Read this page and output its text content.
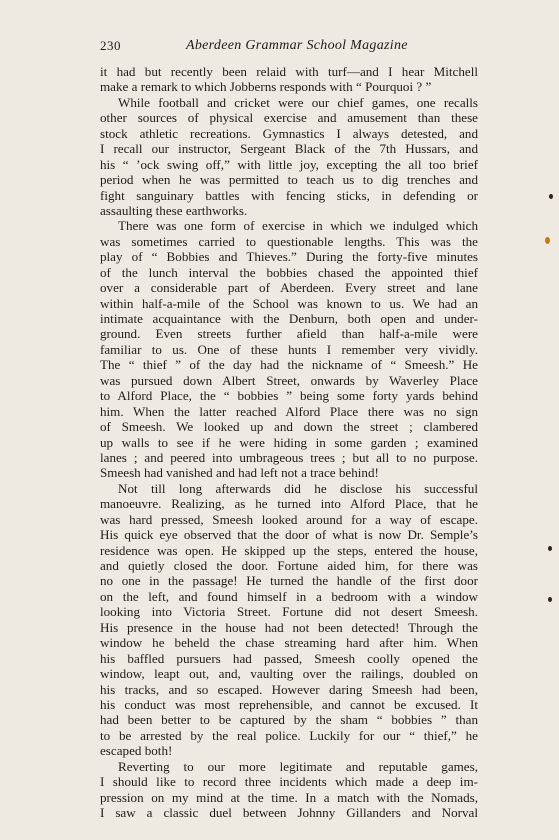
230	Aberdeen Grammar School Magazine
it had but recently been relaid with turf—and I hear Mitchell
make a remark to which Jobberns responds with “ Pourquoi ? ”
While football and cricket were our chief games, one recalls
other sources of physical exercise and amusement than these
stock athletic recreations. Gymnastics I always detested, and
I recall our instructor, Sergeant Black of the 7th Hussars, and
his “ ’ock swing off,” with little joy, excepting the all too brief
period when he was permitted to teach us to dig trenches and
fight sanguinary battles with fencing sticks, in defending or
assaulting these earthworks.
There was one form of exercise in which we indulged which
was sometimes carried to questionable lengths. This was the
play of “ Bobbies and Thieves.” During the forty-five minutes
of the lunch interval the bobbies chased the appointed thief
over a considerable part of Aberdeen. Every street and lane
within half-a-mile of the School was known to us. We had an
intimate acquaintance with the Denburn, both open and under-
ground. Even streets further afield than half-a-mile were
familiar to us. One of these hunts I remember very vividly.
The “ thief ” of the day had the nickname of “ Smeesh.” He
was pursued down Albert Street, onwards by Waverley Place
to Alford Place, the “ bobbies ” being some forty yards behind
him. When the latter reached Alford Place there was no sign
of Smeesh. We looked up and down the street ; clambered
up walls to see if he were hiding in some garden ; examined
lanes ; and peered into umbrageous trees ; but all to no purpose.
Smeesh had vanished and had left not a trace behind!
Not till long afterwards did he disclose his successful
manoeuvre. Realizing, as he turned into Alford Place, that he
was hard pressed, Smeesh looked around for a way of escape.
His quick eye observed that the door of what is now Dr. Semple’s
residence was open. He skipped up the steps, entered the house,
and quietly closed the door. Fortune aided him, for there was
no one in the passage! He turned the handle of the first door
on the left, and found himself in a bedroom with a window
looking into Victoria Street. Fortune did not desert Smeesh.
His presence in the house had not been detected! Through the
window he beheld the chase streaming hard after him. When
his baffled pursuers had passed, Smeesh coolly opened the
window, leapt out, and, vaulting over the railings, doubled on
his tracks, and so escaped. However daring Smeesh had been,
his conduct was most reprehensible, and cannot be excused. It
had been better to be captured by the sham “ bobbies ” than
to be arrested by the real police. Luckily for our “ thief,” he
escaped both!
Reverting to our more legitimate and reputable games,
I should like to record three incidents which made a deep im-
pression on my mind at the time. In a match with the Nomads,
I saw a classic duel between Johnny Gillanders and Norval
